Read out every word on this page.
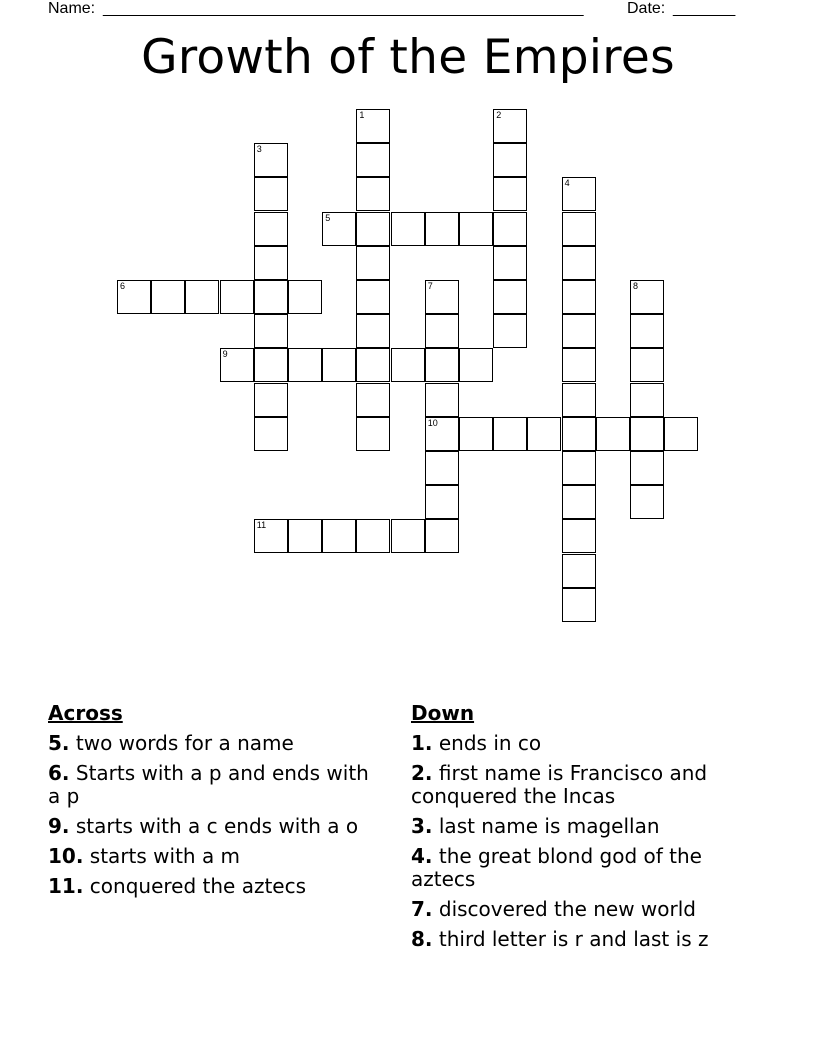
Name: ______________________________________________________	Date: _______
Growth of the Empires
1	2
3
4
5
6	7
10
8
9
11
Across
5. two words for a name
6. Starts with a p and ends with a p
9. starts with a c ends with a o
10. starts with a m
11. conquered the aztecs
Down
1. ends in co
2. first name is Francisco and conquered the Incas
3. last name is magellan
4. the great blond god of the aztecs
7. discovered the new world
8. third letter is r and last is z
